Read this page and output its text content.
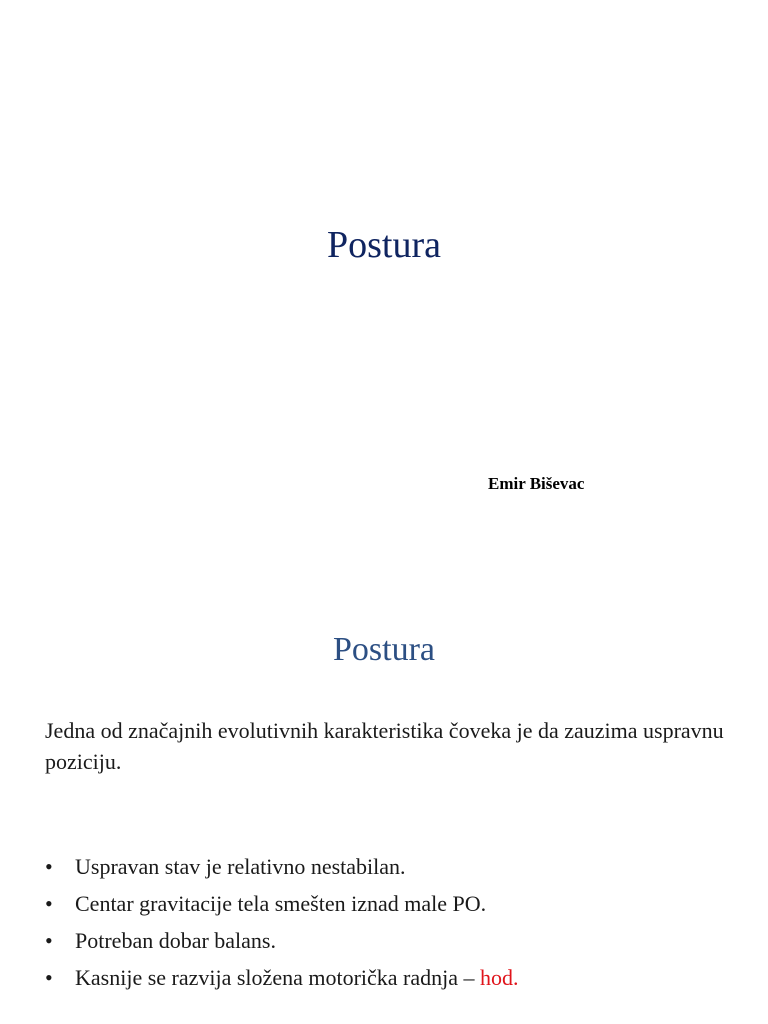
Postura
Emir Biševac
Postura
Jedna od značajnih evolutivnih karakteristika čoveka je da zauzima uspravnu poziciju.
• Uspravan stav je relativno nestabilan.
• Centar gravitacije tela smešten iznad male PO.
• Potreban dobar balans.
• Kasnije se razvija složena motorička radnja – hod.
